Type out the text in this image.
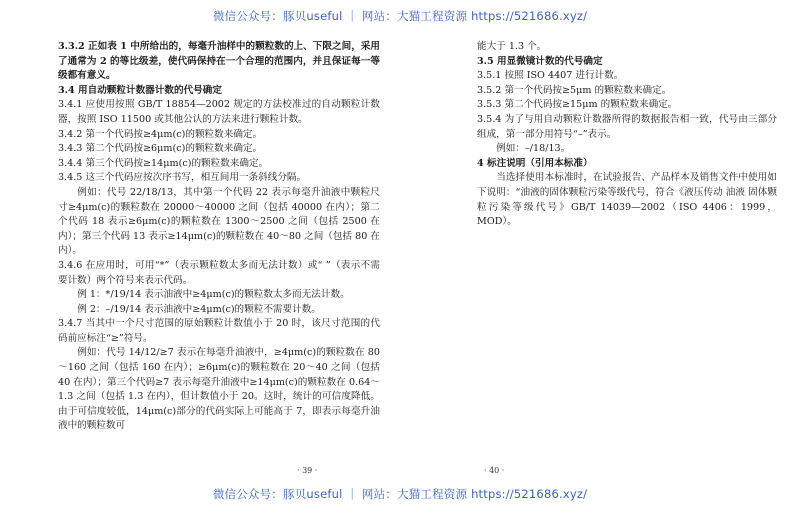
微信公众号：豚贝useful ｜ 网站：大猫工程资源 https://521686.xyz/

3.3.2 正如表 1 中所给出的，每毫升油样中的颗粒数的上、下限之间，采用了通常为 2 的等比级差，使代码保持在一个合理的范围内，并且保证每一等级都有意义。

3.4 用自动颗粒计数器计数的代号确定

3.4.1 应使用按照 GB/T 18854—2002 规定的方法校准过的自动颗粒计数器，按照 ISO 11500 或其他公认的方法来进行颗粒计数。

3.4.2 第一个代码按≥4μm(c)的颗粒数来确定。

3.4.3 第二个代码按≥6μm(c)的颗粒数来确定。

3.4.4 第三个代码按≥14μm(c)的颗粒数来确定。

3.4.5 这三个代码应按次序书写，相互间用一条斜线分隔。

例如：代号 22/18/13，其中第一个代码 22 表示每毫升油液中颗粒尺寸≥4μm(c)的颗粒数在 20000～40000 之间（包括 40000 在内）；第二个代码 18 表示≥6μm(c)的颗粒数在 1300～2500 之间（包括 2500 在内）；第三个代码 13 表示≥14μm(c)的颗粒数在 40～80 之间（包括 80 在内）。

3.4.6 在应用时，可用“*”（表示颗粒数太多而无法计数）或“ ”（表示不需要计数）两个符号来表示代码。

例 1：*/19/14 表示油液中≥4μm(c)的颗粒数太多而无法计数。

例 2：–/19/14 表示油液中≥4μm(c)的颗粒不需要计数。

3.4.7 当其中一个尺寸范围的原始颗粒计数值小于 20 时，该尺寸范围的代码前应标注“≥”符号。

例如：代号 14/12/≥7 表示在每毫升油液中，≥4μm(c)的颗粒数在 80～160 之间（包括 160 在内）；≥6μm(c)的颗粒数在 20～40 之间（包括 40 在内）；第三个代码≥7 表示每毫升油液中≥14μm(c)的颗粒数在 0.64～1.3 之间（包括 1.3 在内），但计数值小于 20。这时，统计的可信度降低。由于可信度较低，14μm(c)部分的代码实际上可能高于 7，即表示每毫升油液中的颗粒数可

能大于 1.3 个。

3.5 用显微镜计数的代号确定

3.5.1 按照 ISO 4407 进行计数。

3.5.2 第一个代码按≥5μm 的颗粒数来确定。

3.5.3 第二个代码按≥15μm 的颗粒数来确定。

3.5.4 为了与用自动颗粒计数器所得的数据报告相一致，代号由三部分组成，第一部分用符号“–”表示。

例如：–/18/13。

4 标注说明（引用本标准）

当选择使用本标准时，在试验报告、产品样本及销售文件中使用如下说明：“油液的固体颗粒污染等级代号，符合《液压传动 油液 固体颗粒污染等级代号》GB/T 14039—2002（ISO 4406：1999，MOD）。

· 39 ·	· 40 ·
微信公众号：豚贝useful ｜ 网站：大猫工程资源 https://521686.xyz/
